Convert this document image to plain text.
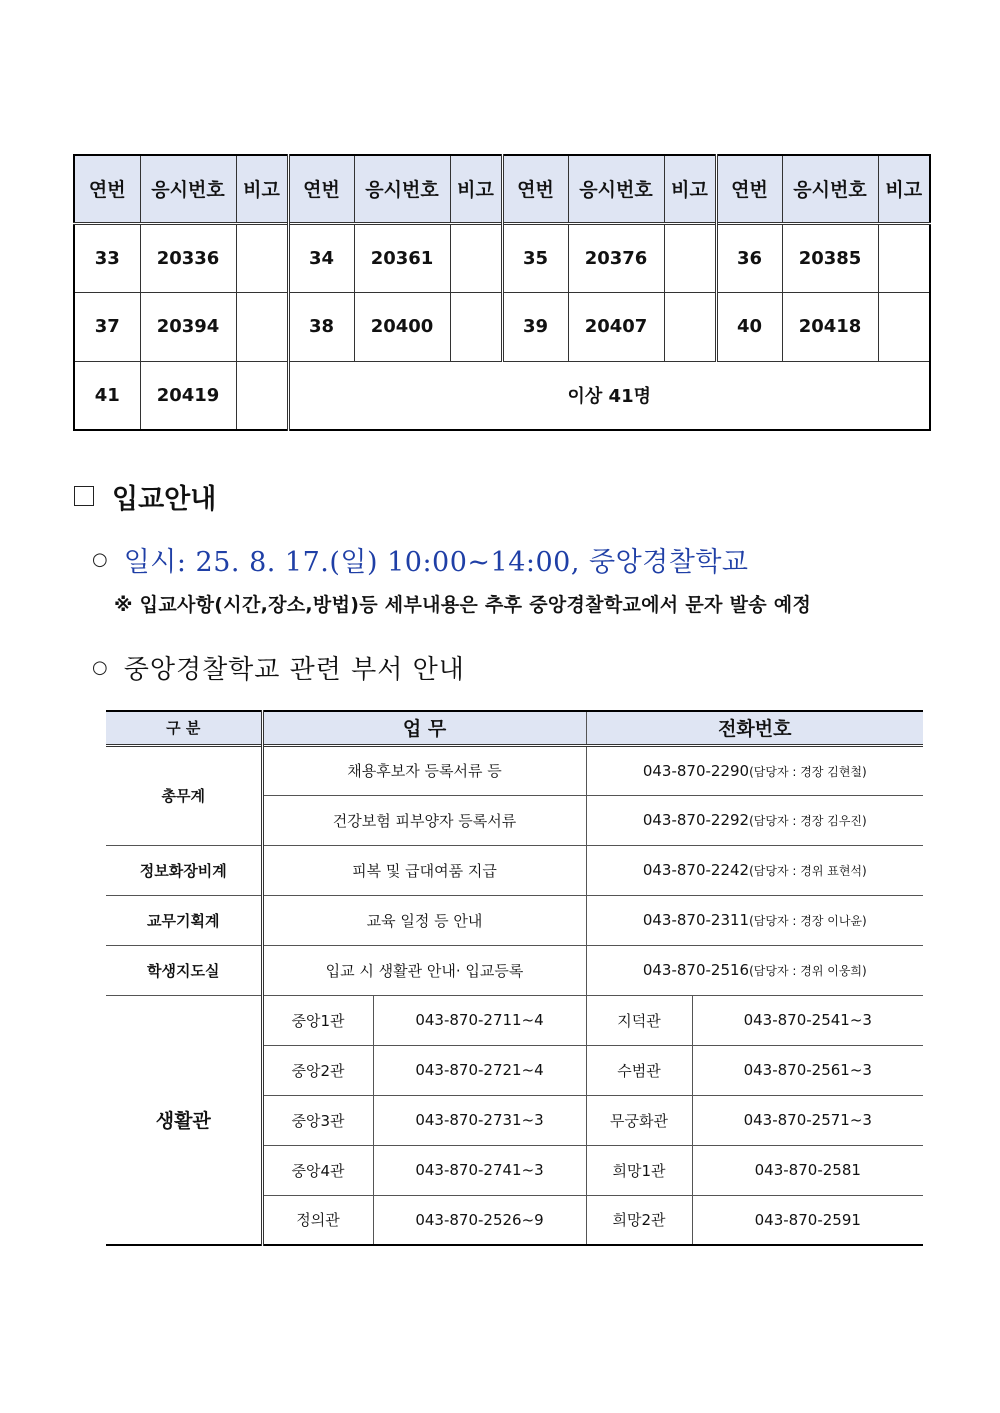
연번	응시번호	비고	연번	응시번호	비고	연번	응시번호	비고	연번	응시번호	비고
33	20336		34	20361		35	20376		36	20385	
37	20394		38	20400		39	20407		40	20418	
41	20419		이상 41명								
입교안내
○ 일시: 25. 8. 17.(일) 10:00~14:00, 중앙경찰학교
※ 입교사항(시간,장소,방법)등 세부내용은 추후 중앙경찰학교에서 문자 발송 예정
○ 중앙경찰학교 관련 부서 안내
구 분	업 무		전화번호	
총무계	채용후보자 등록서류 등		043-870-2290(담당자 : 경장 김현철)	
	건강보험 피부양자 등록서류		043-870-2292(담당자 : 경장 김우진)	
정보화장비계	피복 및 급대여품 지급		043-870-2242(담당자 : 경위 표현석)	
교무기획계	교육 일정 등 안내		043-870-2311(담당자 : 경장 이나윤)	
학생지도실	입교 시 생활관 안내· 입교등록		043-870-2516(담당자 : 경위 이웅희)	
생활관	중앙1관	043-870-2711~4	지덕관	043-870-2541~3
	중앙2관	043-870-2721~4	수범관	043-870-2561~3
	중앙3관	043-870-2731~3	무궁화관	043-870-2571~3
	중앙4관	043-870-2741~3	희망1관	043-870-2581
	정의관	043-870-2526~9	희망2관	043-870-2591
